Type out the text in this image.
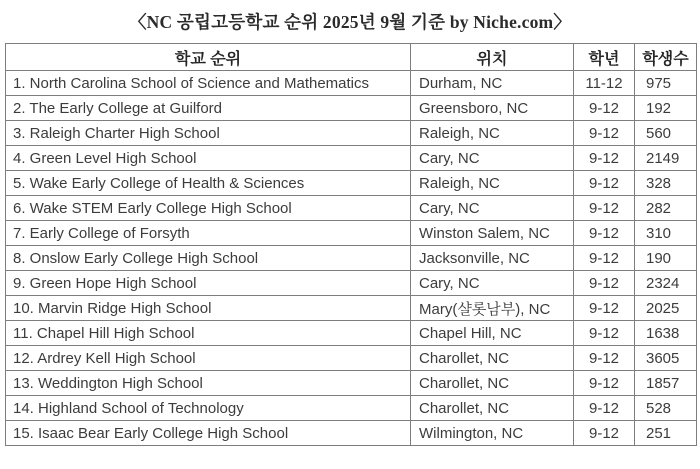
〈NC 공립고등학교 순위 2025년 9월 기준 by Niche.com〉
학교 순위	위치	학년	학생수
1. North Carolina School of Science and Mathematics	Durham, NC	11-12	975
2. The Early College at Guilford	Greensboro, NC	9-12	192
3. Raleigh Charter High School	Raleigh, NC	9-12	560
4. Green Level High School	Cary, NC	9-12	2149
5. Wake Early College of Health & Sciences	Raleigh, NC	9-12	328
6. Wake STEM Early College High School	Cary, NC	9-12	282
7. Early College of Forsyth	Winston Salem, NC	9-12	310
8. Onslow Early College High School	Jacksonville, NC	9-12	190
9. Green Hope High School	Cary, NC	9-12	2324
10. Marvin Ridge High School	Mary(샬롯남부), NC	9-12	2025
11. Chapel Hill High School	Chapel Hill, NC	9-12	1638
12. Ardrey Kell High School	Charollet, NC	9-12	3605
13. Weddington High School	Charollet, NC	9-12	1857
14. Highland School of Technology	Charollet, NC	9-12	528
15. Isaac Bear Early College High School	Wilmington, NC	9-12	251
